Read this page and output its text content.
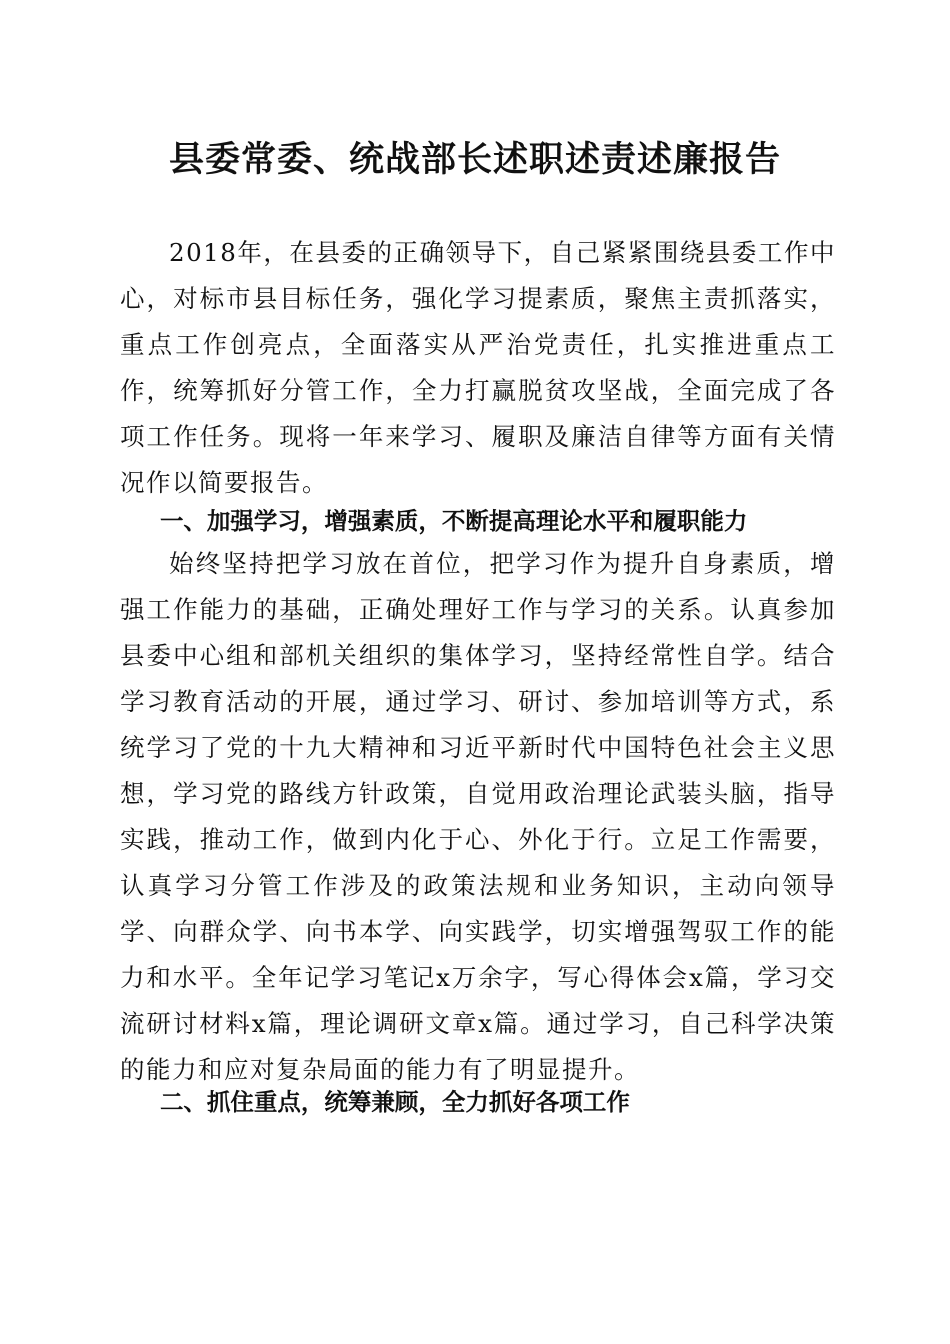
县委常委、统战部长述职述责述廉报告

2018年，在县委的正确领导下，自己紧紧围绕县委工作中心，对标市县目标任务，强化学习提素质，聚焦主责抓落实，重点工作创亮点，全面落实从严治党责任，扎实推进重点工作，统筹抓好分管工作，全力打赢脱贫攻坚战，全面完成了各项工作任务。现将一年来学习、履职及廉洁自律等方面有关情况作以简要报告。

一、加强学习，增强素质，不断提高理论水平和履职能力

始终坚持把学习放在首位，把学习作为提升自身素质，增强工作能力的基础，正确处理好工作与学习的关系。认真参加县委中心组和部机关组织的集体学习，坚持经常性自学。结合学习教育活动的开展，通过学习、研讨、参加培训等方式，系统学习了党的十九大精神和习近平新时代中国特色社会主义思想，学习党的路线方针政策，自觉用政治理论武装头脑，指导实践，推动工作，做到内化于心、外化于行。立足工作需要，认真学习分管工作涉及的政策法规和业务知识，主动向领导学、向群众学、向书本学、向实践学，切实增强驾驭工作的能力和水平。全年记学习笔记x万余字，写心得体会x篇，学习交流研讨材料x篇，理论调研文章x篇。通过学习，自己科学决策的能力和应对复杂局面的能力有了明显提升。

二、抓住重点，统筹兼顾，全力抓好各项工作
